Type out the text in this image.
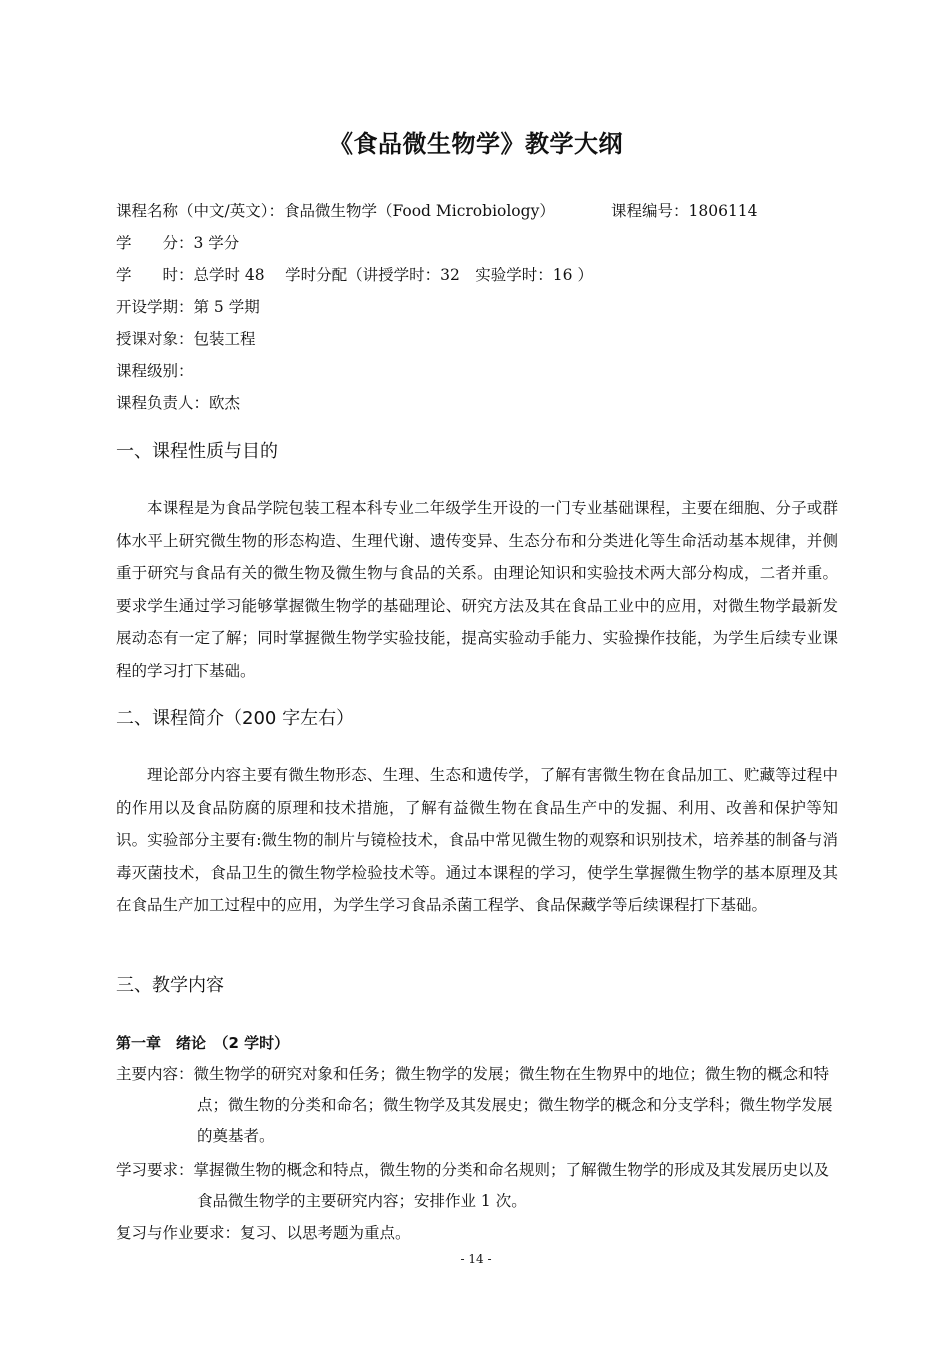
《食品微生物学》教学大纲
课程名称（中文/英文）：食品微生物学（Food Microbiology）	课程编号：1806114
学　　分：3 学分
学　　时：总学时 48　 学时分配（讲授学时：32　实验学时：16 ）
开设学期：第 5 学期
授课对象：包装工程
课程级别：
课程负责人：欧杰
一、课程性质与目的
本课程是为食品学院包装工程本科专业二年级学生开设的一门专业基础课程，主要在细胞、分子或群体水平上研究微生物的形态构造、生理代谢、遗传变异、生态分布和分类进化等生命活动基本规律，并侧重于研究与食品有关的微生物及微生物与食品的关系。由理论知识和实验技术两大部分构成，二者并重。要求学生通过学习能够掌握微生物学的基础理论、研究方法及其在食品工业中的应用，对微生物学最新发展动态有一定了解；同时掌握微生物学实验技能，提高实验动手能力、实验操作技能，为学生后续专业课程的学习打下基础。
二、课程简介（200 字左右）
理论部分内容主要有微生物形态、生理、生态和遗传学，了解有害微生物在食品加工、贮藏等过程中的作用以及食品防腐的原理和技术措施，了解有益微生物在食品生产中的发掘、利用、改善和保护等知识。实验部分主要有:微生物的制片与镜检技术，食品中常见微生物的观察和识别技术，培养基的制备与消毒灭菌技术，食品卫生的微生物学检验技术等。通过本课程的学习，使学生掌握微生物学的基本原理及其在食品生产加工过程中的应用，为学生学习食品杀菌工程学、食品保藏学等后续课程打下基础。
三、教学内容
第一章　绪论　（2 学时）
主要内容：微生物学的研究对象和任务；微生物学的发展；微生物在生物界中的地位；微生物的概念和特点；微生物的分类和命名；微生物学及其发展史；微生物学的概念和分支学科；微生物学发展的奠基者。
学习要求：掌握微生物的概念和特点，微生物的分类和命名规则；了解微生物学的形成及其发展历史以及食品微生物学的主要研究内容；安排作业 1 次。
复习与作业要求：复习、以思考题为重点。
- 14 -
